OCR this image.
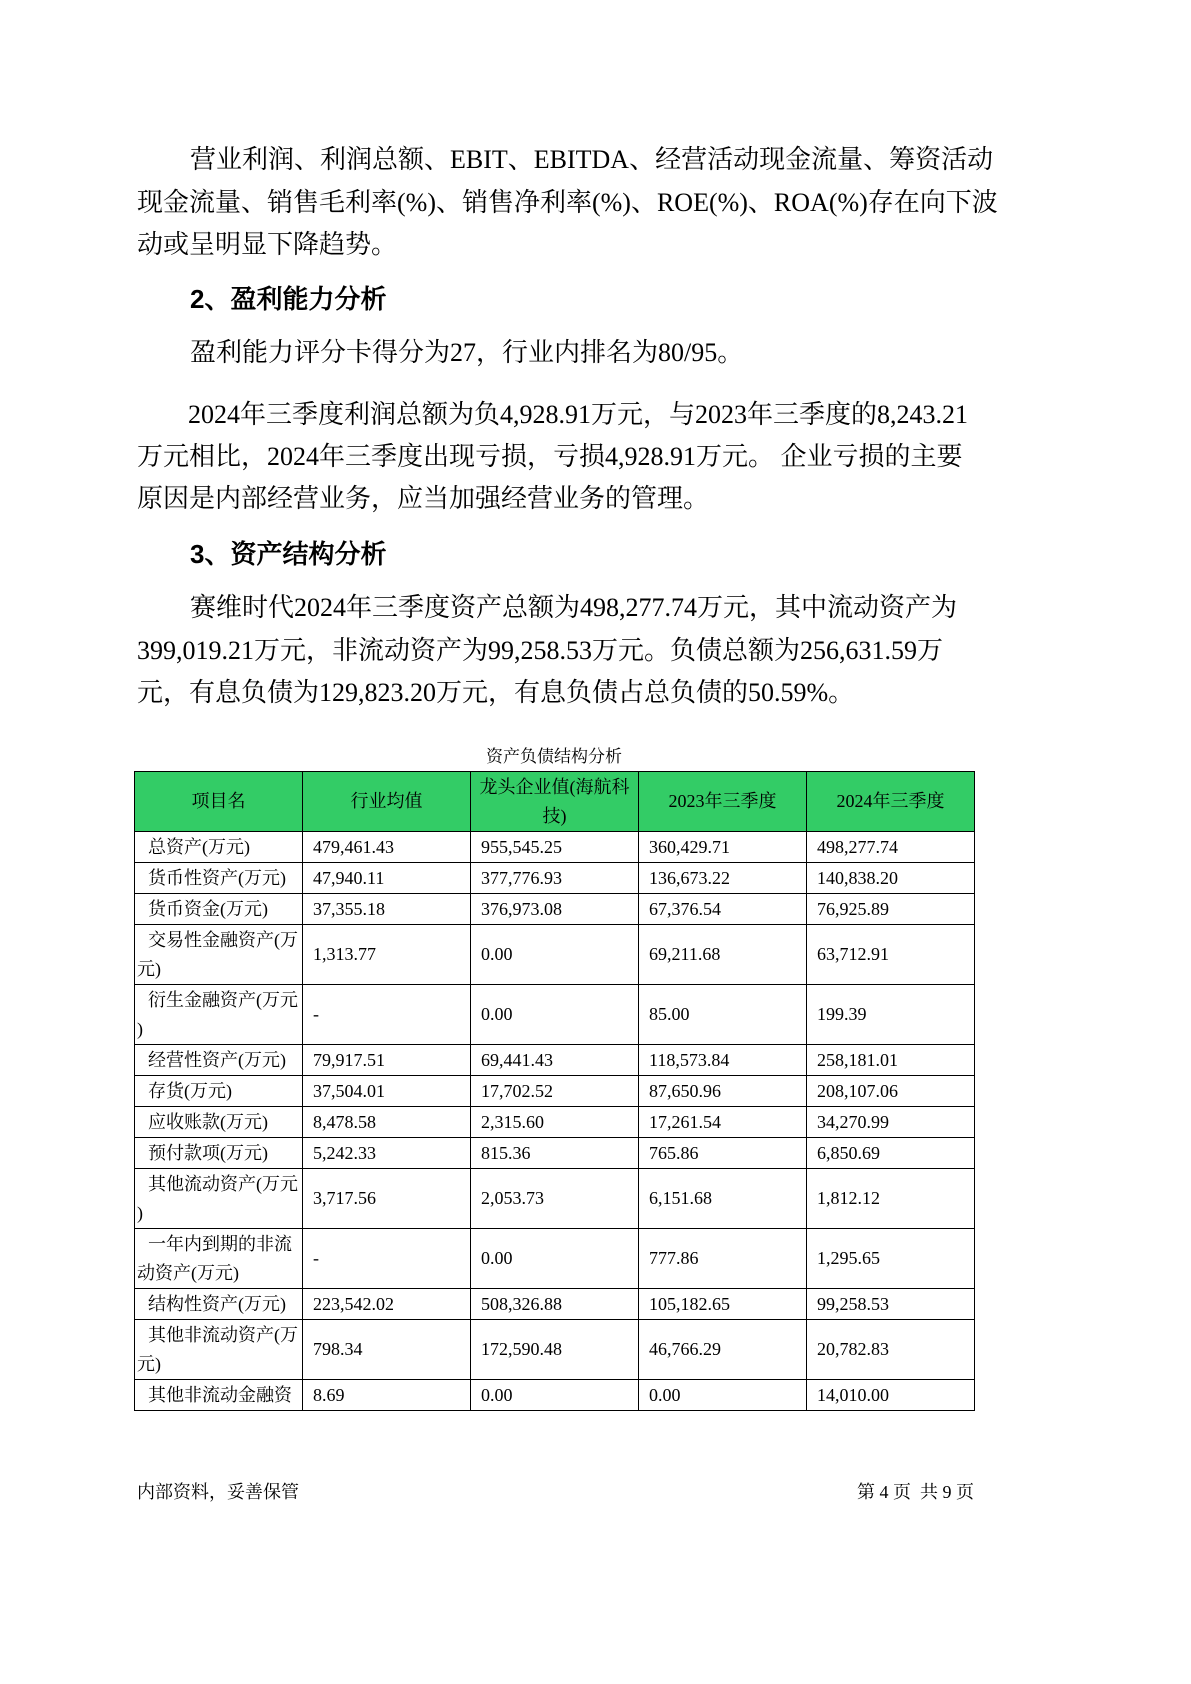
营业利润、利润总额、EBIT、EBITDA、经营活动现金流量、筹资活动

现金流量、销售毛利率(%)、销售净利率(%)、ROE(%)、ROA(%)存在向下波

动或呈明显下降趋势。

2、盈利能力分析

盈利能力评分卡得分为27，行业内排名为80/95。

2024年三季度利润总额为负4,928.91万元，与2023年三季度的8,243.21

万元相比，2024年三季度出现亏损，亏损4,928.91万元。 企业亏损的主要

原因是内部经营业务，应当加强经营业务的管理。

3、资产结构分析

赛维时代2024年三季度资产总额为498,277.74万元，其中流动资产为

399,019.21万元，非流动资产为99,258.53万元。负债总额为256,631.59万

元，有息负债为129,823.20万元，有息负债占总负债的50.59%。

资产负债结构分析
项目名	行业均值	龙头企业值(海航科
技)	2023年三季度	2024年三季度

总资产(万元)	479,461.43	955,545.25	360,429.71	498,277.74

货币性资产(万元)	47,940.11	377,776.93	136,673.22	140,838.20

货币资金(万元)	37,355.18	376,973.08	67,376.54	76,925.89

交易性金融资产(万
元)	1,313.77	0.00	69,211.68	63,712.91

衍生金融资产(万元
)	-	0.00	85.00	199.39

经营性资产(万元)	79,917.51	69,441.43	118,573.84	258,181.01

存货(万元)	37,504.01	17,702.52	87,650.96	208,107.06

应收账款(万元)	8,478.58	2,315.60	17,261.54	34,270.99

预付款项(万元)	5,242.33	815.36	765.86	6,850.69

其他流动资产(万元
)	3,717.56	2,053.73	6,151.68	1,812.12

一年内到期的非流
动资产(万元)	-	0.00	777.86	1,295.65

结构性资产(万元)	223,542.02	508,326.88	105,182.65	99,258.53

其他非流动资产(万
元)	798.34	172,590.48	46,766.29	20,782.83

其他非流动金融资	8.69	0.00	0.00	14,010.00
内部资料，妥善保管	第 4 页  共 9 页
